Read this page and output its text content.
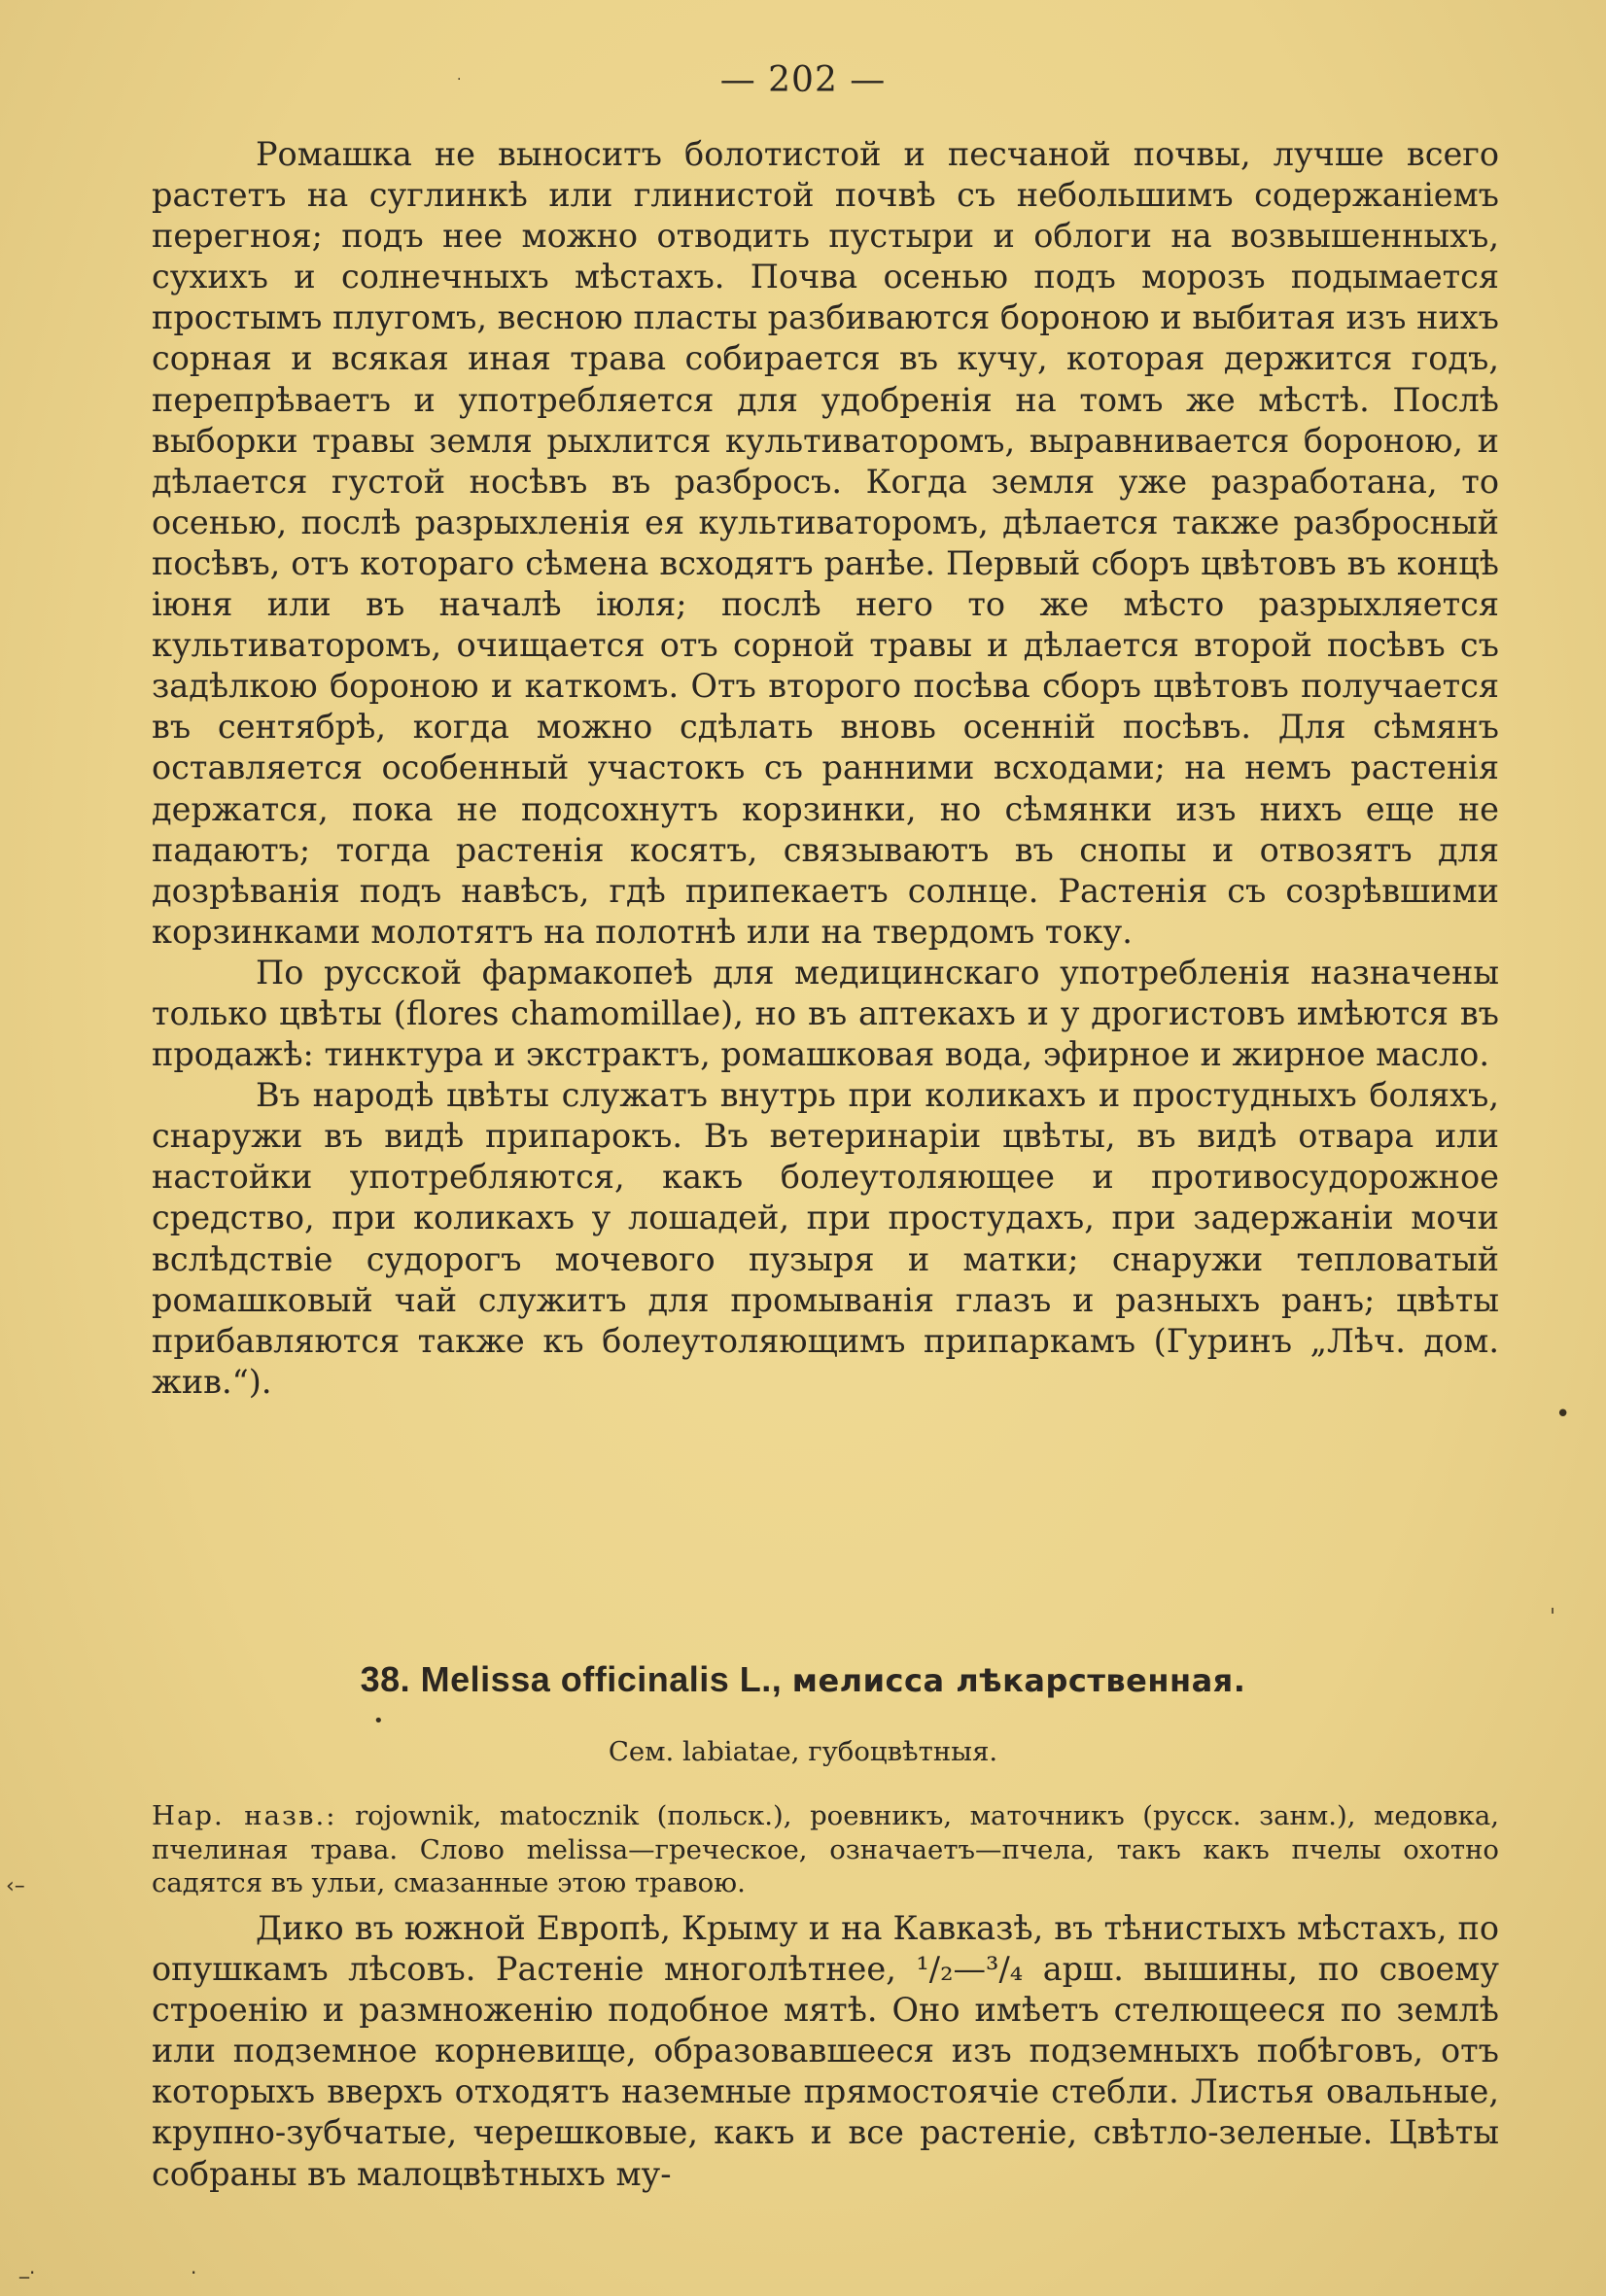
— 202 —

Ромашка не выноситъ болотистой и песчаной почвы, лучше всего растетъ на суглинкѣ или глинистой почвѣ съ небольшимъ содержанiемъ перегноя; подъ нее можно отводить пустыри и облоги на возвышенныхъ, сухихъ и солнечныхъ мѣстахъ. Почва осенью подъ морозъ подымается простымъ плугомъ, весною пласты разбиваются бороною и выбитая изъ нихъ сорная и всякая иная трава собирается въ кучу, которая держится годъ, перепрѣваетъ и употребляется для удобренiя на томъ же мѣстѣ. Послѣ выборки травы земля рыхлится культиваторомъ, выравнивается бороною, и дѣлается густой носѣвъ въ разбросъ. Когда земля уже разработана, то осенью, послѣ разрыхленiя ея культиваторомъ, дѣлается также разбросный посѣвъ, отъ котораго сѣмена всходятъ ранѣе. Первый сборъ цвѣтовъ въ концѣ iюня или въ началѣ iюля; послѣ него то же мѣсто разрыхляется культиваторомъ, очищается отъ сорной травы и дѣлается второй посѣвъ съ задѣлкою бороною и каткомъ. Отъ второго посѣва сборъ цвѣтовъ получается въ сентябрѣ, когда можно сдѣлать вновь осеннiй посѣвъ. Для сѣмянъ оставляется особенный участокъ съ ранними всходами; на немъ растенiя держатся, пока не подсохнутъ корзинки, но сѣмянки изъ нихъ еще не падаютъ; тогда растенiя косятъ, связываютъ въ снопы и отвозятъ для дозрѣванiя подъ навѣсъ, гдѣ припекаетъ солнце. Растенiя съ созрѣвшими корзинками молотятъ на полотнѣ или на твердомъ току.

По русской фармакопеѣ для медицинскаго употребленiя назначены только цвѣты (flores chamomillae), но въ аптекахъ и у дрогистовъ имѣются въ продажѣ: тинктура и экстрактъ, ромашковая вода, эфирное и жирное масло.

Въ народѣ цвѣты служатъ внутрь при коликахъ и простудныхъ боляхъ, снаружи въ видѣ припарокъ. Въ ветеринарiи цвѣты, въ видѣ отвара или настойки употребляются, какъ болеутоляющее и противосудорожное средство, при коликахъ у лошадей, при простудахъ, при задержанiи мочи вслѣдствiе судорогъ мочевого пузыря и матки; снаружи тепловатый ромашковый чай служитъ для промыванiя глазъ и разныхъ ранъ; цвѣты прибавляются также къ болеутоляющимъ припаркамъ (Гуринъ „Лѣч. дом. жив.“).

38. Melissa officinalis L., мелисса лѣкарственная.
Сем. labiatae, губоцвѣтныя.
Нар. назв.: rojownik, matocznik (польск.), роевникъ, маточникъ (русск. занм.), медовка, пчелиная трава. Слово melissa—греческое, означаетъ—пчела, такъ какъ пчелы охотно садятся въ ульи, смазанные этою травою.

Дико въ южной Европѣ, Крыму и на Кавказѣ, въ тѣнистыхъ мѣстахъ, по опушкамъ лѣсовъ. Растенiе многолѣтнее, ¹/₂—³/₄ арш. вышины, по своему строенiю и размноженiю подобное мятѣ. Оно имѣетъ стелющееся по землѣ или подземное корневище, образовавшееся изъ подземныхъ побѣговъ, отъ которыхъ вверхъ отходятъ наземные прямостоячiе стебли. Листья овальные, крупно-зубчатые, черешковые, какъ и все растенiе, свѣтло-зеленые. Цвѣты собраны въ малоцвѣтныхъ му-

·
•
•
ˈ
‹–
_.	·
